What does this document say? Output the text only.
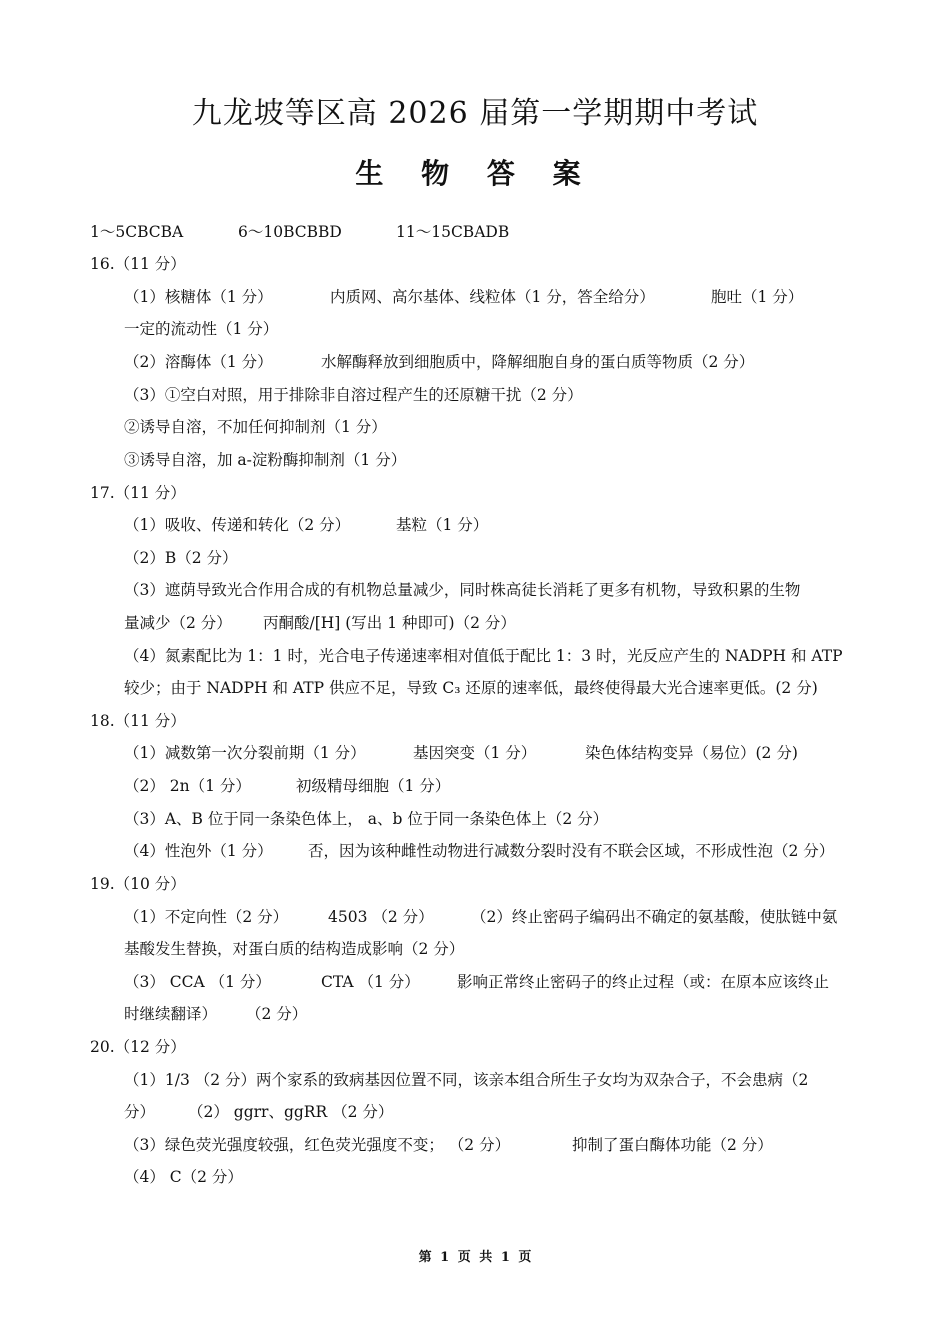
九龙坡等区高 2026 届第一学期期中考试
生 物 答 案
1～5CBCBA	6～10BCBBD	11～15CBADB
16.（11 分）
（1）核糖体（1 分）	内质网、高尔基体、线粒体（1 分，答全给分）	胞吐（1 分）
一定的流动性（1 分）
（2）溶酶体（1 分）	水解酶释放到细胞质中，降解细胞自身的蛋白质等物质（2 分）
（3）①空白对照，用于排除非自溶过程产生的还原糖干扰（2 分）
②诱导自溶，不加任何抑制剂（1 分）
③诱导自溶，加 a-淀粉酶抑制剂（1 分）
17.（11 分）
（1）吸收、传递和转化（2 分）	基粒（1 分）
（2）B（2 分）
（3）遮荫导致光合作用合成的有机物总量减少，同时株高徒长消耗了更多有机物，导致积累的生物
量减少（2 分） 丙酮酸/[H] (写出 1 种即可)（2 分）
（4）氮素配比为 1：1 时，光合电子传递速率相对值低于配比 1：3 时，光反应产生的 NADPH 和 ATP
较少；由于 NADPH 和 ATP 供应不足，导致 C₃ 还原的速率低，最终使得最大光合速率更低。(2 分)
18.（11 分）
（1）减数第一次分裂前期（1 分）	基因突变（1 分）	染色体结构变异（易位）(2 分)
（2） 2n（1 分）	初级精母细胞（1 分）
（3）A、B 位于同一条染色体上， a、b 位于同一条染色体上（2 分）
（4）性泡外（1 分） 否，因为该种雌性动物进行减数分裂时没有不联会区域，不形成性泡（2 分）
19.（10 分）
（1）不定向性（2 分）	4503 （2 分） （2）终止密码子编码出不确定的氨基酸，使肽链中氨
基酸发生替换，对蛋白质的结构造成影响（2 分）
（3） CCA （1 分）	CTA （1 分） 影响正常终止密码子的终止过程（或：在原本应该终止
时继续翻译） （2 分）
20.（12 分）
（1）1/3 （2 分）两个家系的致病基因位置不同，该亲本组合所生子女均为双杂合子，不会患病（2
分） （2） ggrr、ggRR （2 分）
（3）绿色荧光强度较强，红色荧光强度不变； （2 分）	抑制了蛋白酶体功能（2 分）
（4） C（2 分）
第 1 页 共 1 页
